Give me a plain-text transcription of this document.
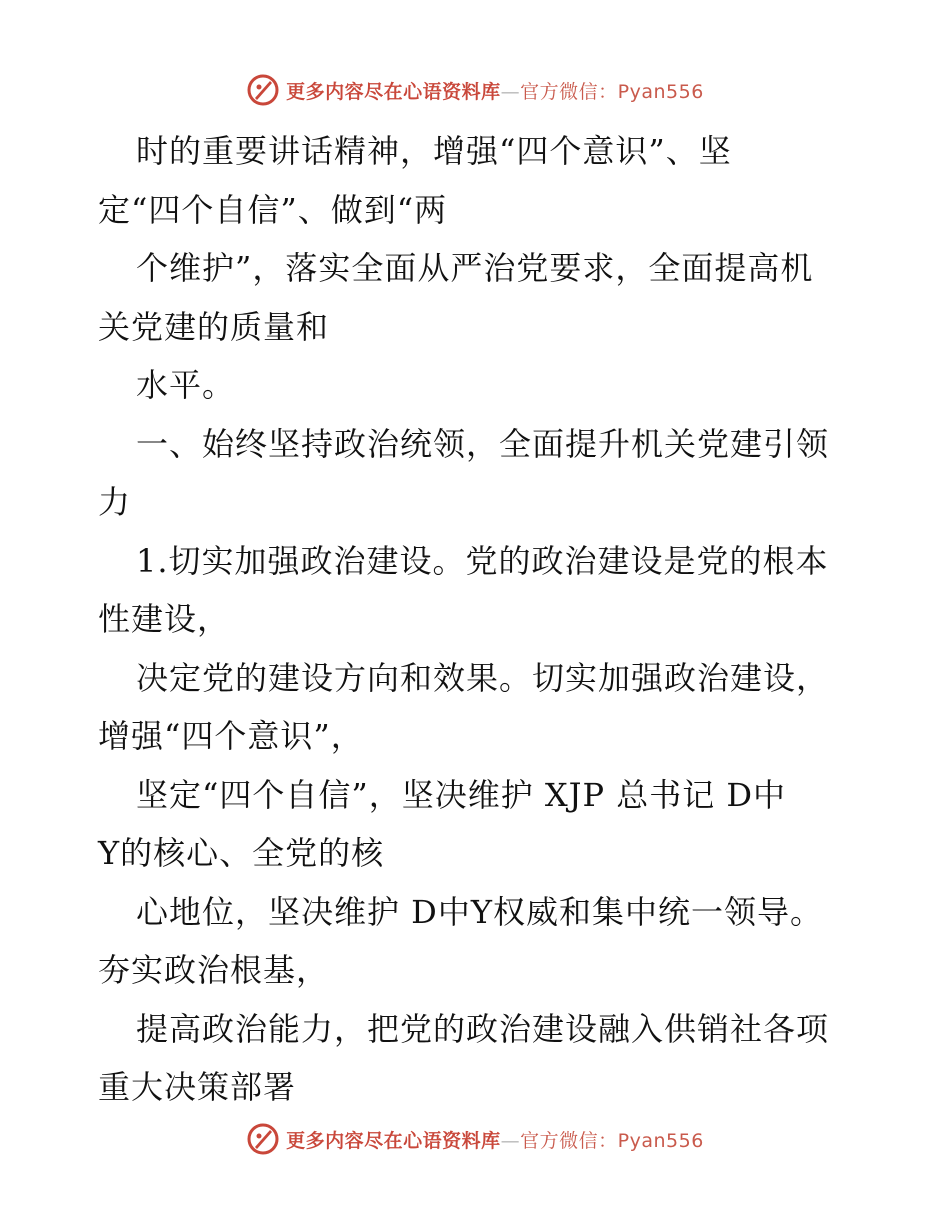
更多内容尽在心语资料库—官方微信：Pyan556
时的重要讲话精神，增强“四个意识”、坚
定“四个自信”、做到“两
个维护”，落实全面从严治党要求，全面提高机
关党建的质量和
水平。
一、始终坚持政治统领，全面提升机关党建引领
力
1.切实加强政治建设。党的政治建设是党的根本
性建设，
决定党的建设方向和效果。切实加强政治建设，
增强“四个意识”，
坚定“四个自信”，坚决维护 XJP 总书记 D中
Y的核心、全党的核
心地位，坚决维护 D中Y权威和集中统一领导。
夯实政治根基，
提高政治能力，把党的政治建设融入供销社各项
重大决策部署
更多内容尽在心语资料库—官方微信：Pyan556
